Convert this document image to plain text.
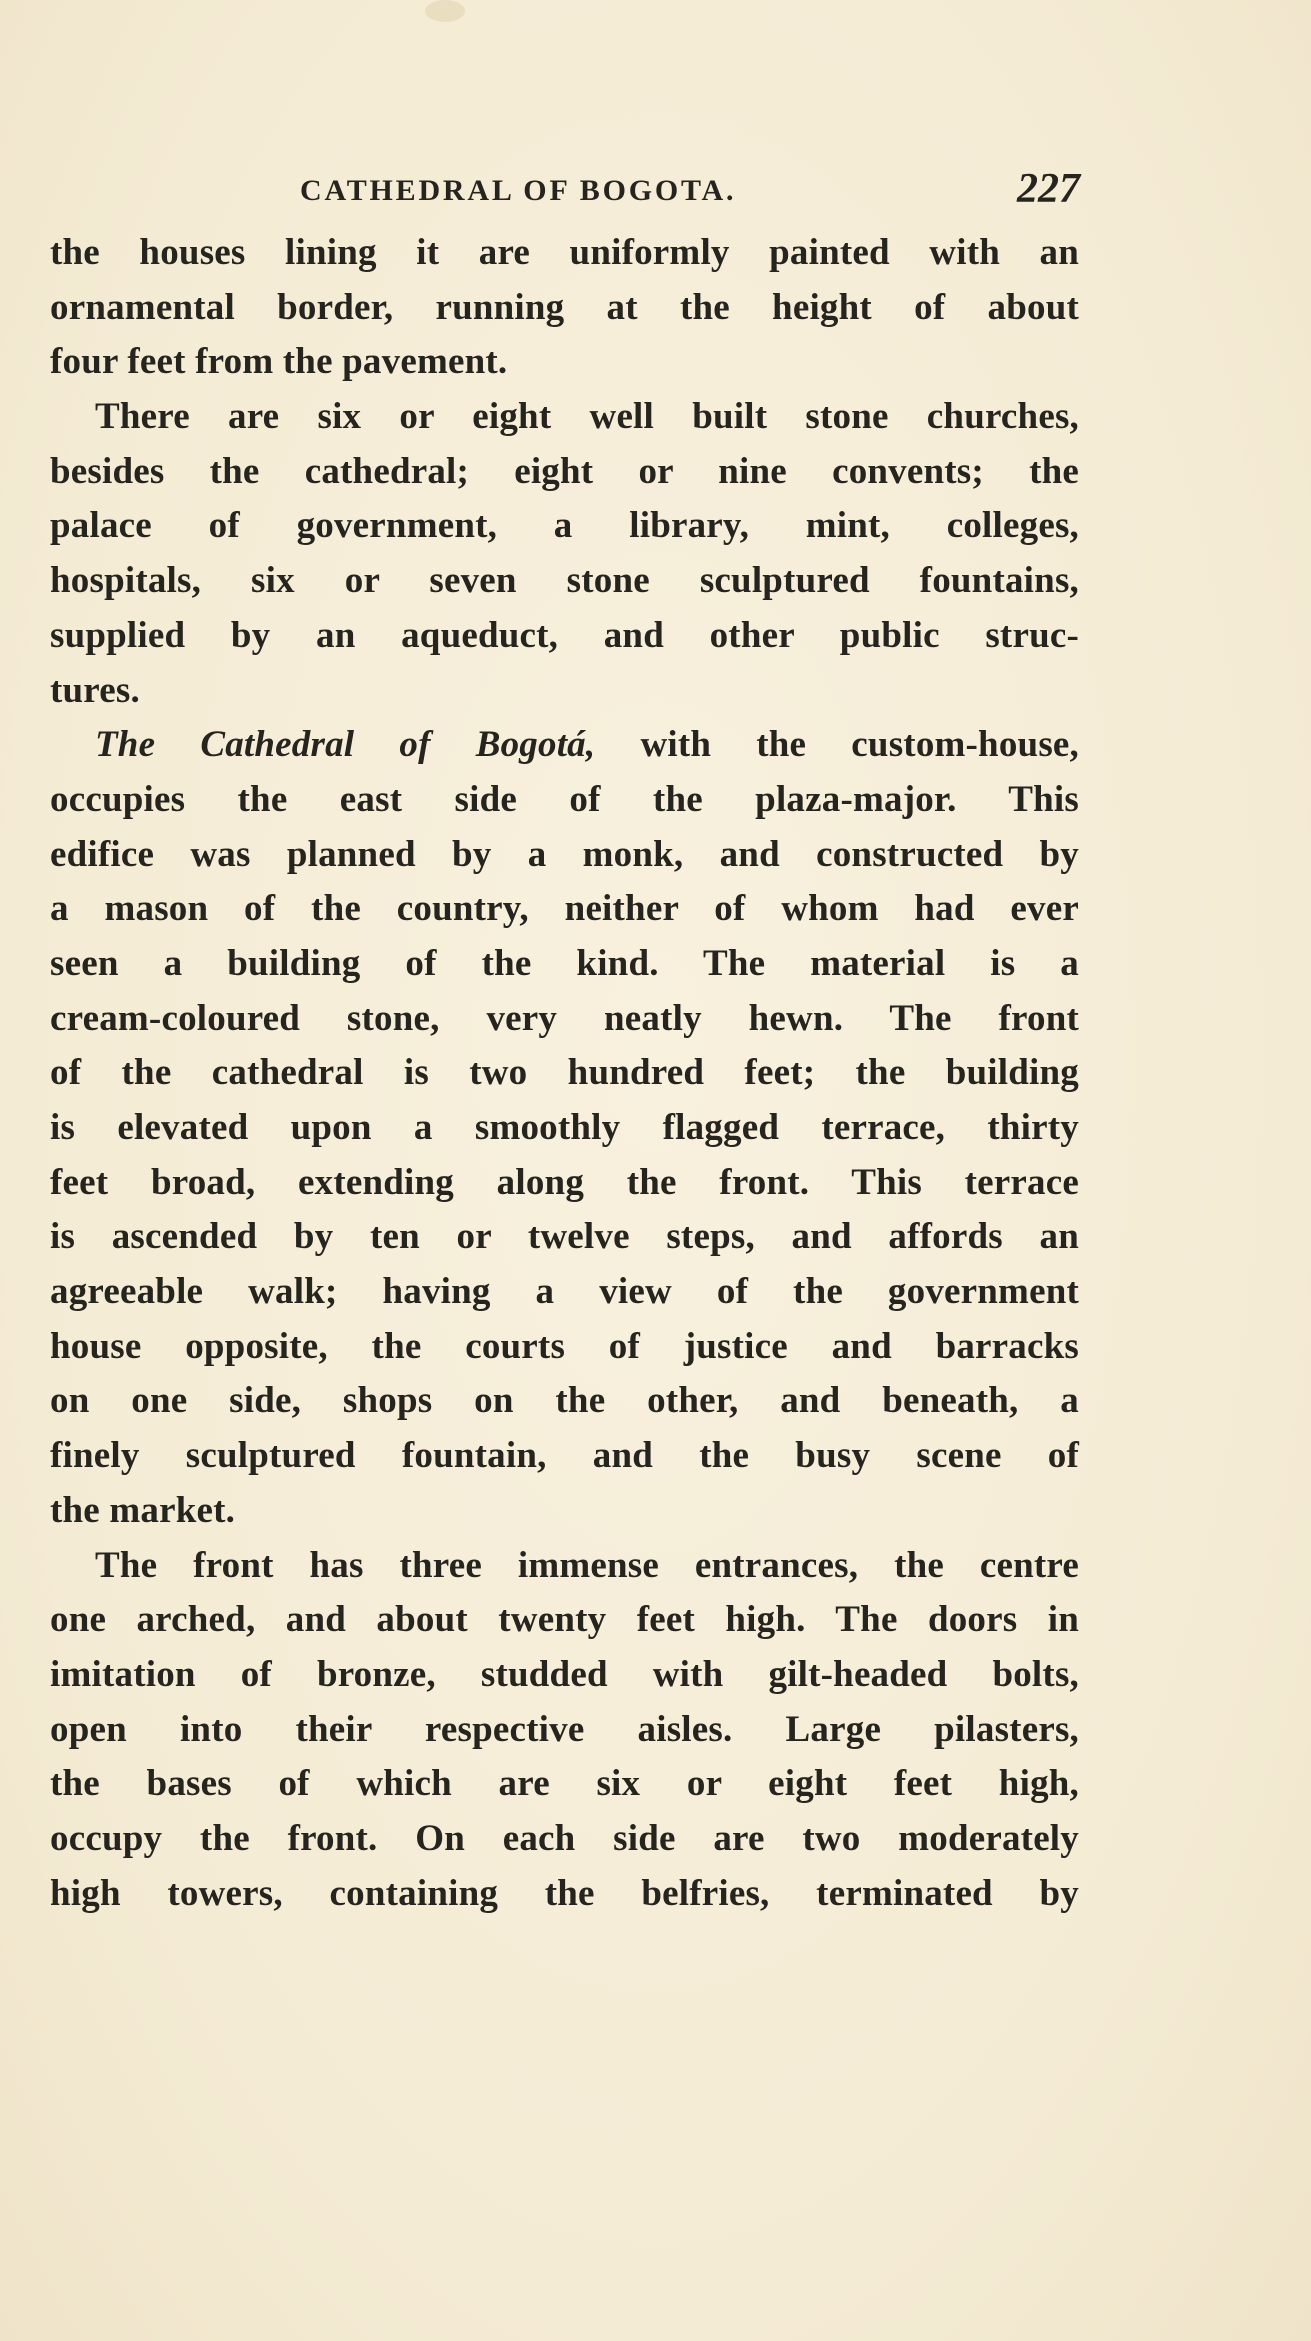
CATHEDRAL OF BOGOTA.	227
the houses lining it are uniformly painted with an
ornamental border, running at the height of about
four feet from the pavement.
There are six or eight well built stone churches,
besides the cathedral; eight or nine convents; the
palace of government, a library, mint, colleges,
hospitals, six or seven stone sculptured fountains,
supplied by an aqueduct, and other public struc-
tures.
The Cathedral of Bogotá, with the custom-house,
occupies the east side of the plaza-major. This
edifice was planned by a monk, and constructed by
a mason of the country, neither of whom had ever
seen a building of the kind. The material is a
cream-coloured stone, very neatly hewn. The front
of the cathedral is two hundred feet; the building
is elevated upon a smoothly flagged terrace, thirty
feet broad, extending along the front. This terrace
is ascended by ten or twelve steps, and affords an
agreeable walk; having a view of the government
house opposite, the courts of justice and barracks
on one side, shops on the other, and beneath, a
finely sculptured fountain, and the busy scene of
the market.
The front has three immense entrances, the centre
one arched, and about twenty feet high. The doors in
imitation of bronze, studded with gilt-headed bolts,
open into their respective aisles. Large pilasters,
the bases of which are six or eight feet high,
occupy the front. On each side are two moderately
high towers, containing the belfries, terminated by
